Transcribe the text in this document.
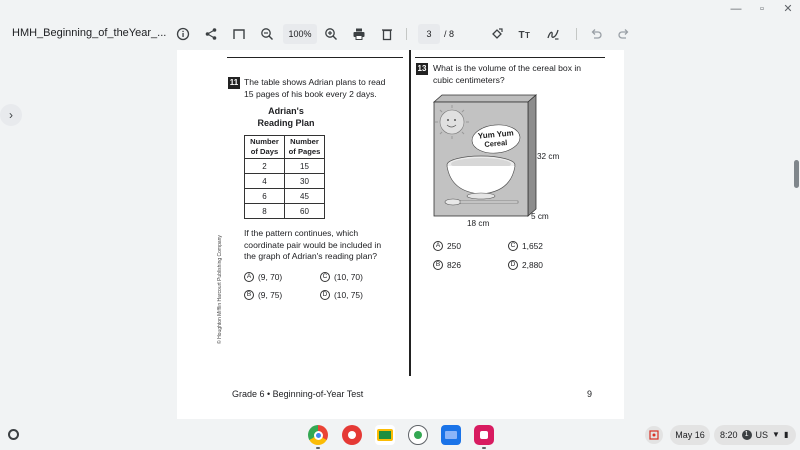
—	▫	✕
HMH_Beginning_of_theYear_...	100%	3	/ 8	T T
›
11 The table shows Adrian plans to read
15 pages of his book every 2 days.
Adrian's
Reading Plan
Number
of Days	Number
of Pages
2	15
4	30
6	45
8	60
If the pattern continues, which
coordinate pair would be included in
the graph of Adrian's reading plan?
A (9, 70)	C (10, 70)
B (9, 75)	D (10, 75)
© Houghton Mifflin Harcourt Publishing Company
13 What is the volume of the cereal box in
cubic centimeters?
Yum Yum
Cereal
32 cm
5 cm
18 cm
A 250	C 1,652
B 826	D 2,880
Grade 6 • Beginning-of-Year Test	9
May 16	8:20	1 US ▼ ▮
